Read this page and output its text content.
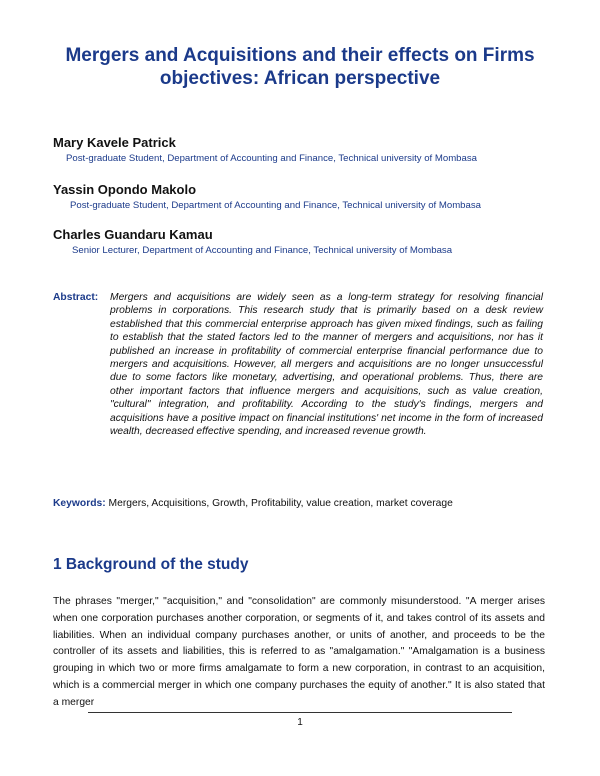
Mergers and Acquisitions and their effects on Firms objectives: African perspective
Mary Kavele Patrick
Post-graduate Student, Department of Accounting and Finance, Technical university of Mombasa
Yassin Opondo Makolo
Post-graduate Student, Department of Accounting and Finance, Technical university of Mombasa
Charles Guandaru Kamau
Senior Lecturer, Department of Accounting and Finance, Technical university of Mombasa
Abstract: Mergers and acquisitions are widely seen as a long-term strategy for resolving financial problems in corporations. This research study that is primarily based on a desk review established that this commercial enterprise approach has given mixed findings, such as failing to establish that the stated factors led to the manner of mergers and acquisitions, nor has it published an increase in profitability of commercial enterprise financial performance due to mergers and acquisitions. However, all mergers and acquisitions are no longer unsuccessful due to some factors like monetary, advertising, and operational problems. Thus, there are other important factors that influence mergers and acquisitions, such as value creation, "cultural" integration, and profitability. According to the study's findings, mergers and acquisitions have a positive impact on financial institutions' net income in the form of increased wealth, decreased effective spending, and increased revenue growth.
Keywords: Mergers, Acquisitions, Growth, Profitability, value creation, market coverage
1 Background of the study
The phrases "merger," "acquisition," and "consolidation" are commonly misunderstood. "A merger arises when one corporation purchases another corporation, or segments of it, and takes control of its assets and liabilities. When an individual company purchases another, or units of another, and proceeds to be the controller of its assets and liabilities, this is referred to as "amalgamation." "Amalgamation is a business grouping in which two or more firms amalgamate to form a new corporation, in contrast to an acquisition, which is a commercial merger in which one company purchases the equity of another." It is also stated that a merger
1
